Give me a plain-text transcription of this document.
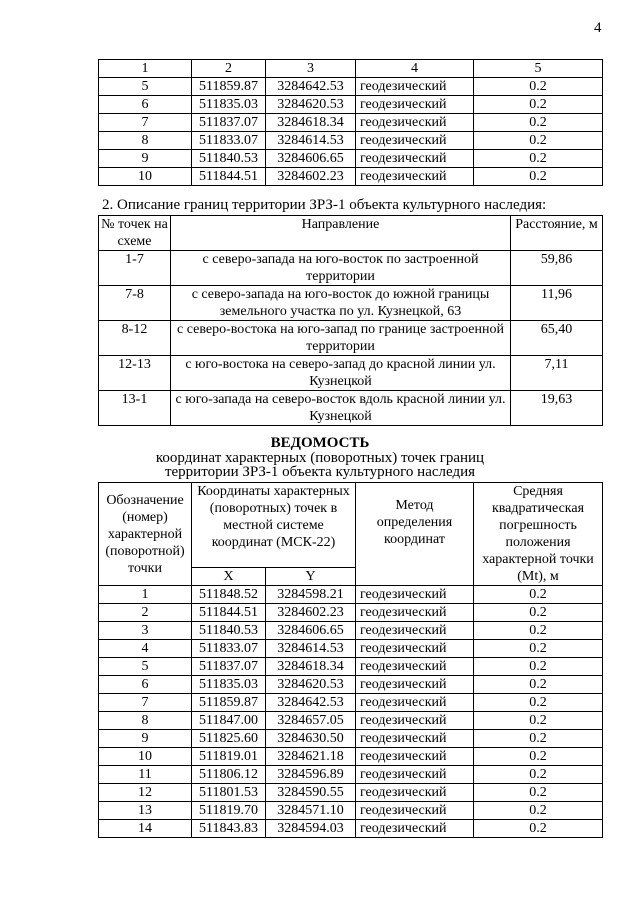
4
1	2	3	4	5
5	511859.87	3284642.53	геодезический	0.2
6	511835.03	3284620.53	геодезический	0.2
7	511837.07	3284618.34	геодезический	0.2
8	511833.07	3284614.53	геодезический	0.2
9	511840.53	3284606.65	геодезический	0.2
10	511844.51	3284602.23	геодезический	0.2
2. Описание границ территории ЗРЗ-1 объекта культурного наследия:
№ точек на схеме	Направление	Расстояние, м
1-7	с северо-запада на юго-восток по застроенной территории	59,86
7-8	с северо-запада на юго-восток до южной границы земельного участка по ул. Кузнецкой, 63	11,96
8-12	с северо-востока на юго-запад по границе застроенной территории	65,40
12-13	с юго-востока на северо-запад до красной линии ул. Кузнецкой	7,11
13-1	с юго-запада на северо-восток вдоль красной линии ул. Кузнецкой	19,63
ВЕДОМОСТЬ
координат характерных (поворотных) точек границ
территории ЗРЗ-1 объекта культурного наследия
Обозначение (номер) характерной (поворотной) точки	Координаты характерных (поворотных) точек в местной системе координат (МСК-22)		Метод определения координат	Средняя квадратическая погрешность положения характерной точки (Mt), м
	X	Y		
1	511848.52	3284598.21	геодезический	0.2
2	511844.51	3284602.23	геодезический	0.2
3	511840.53	3284606.65	геодезический	0.2
4	511833.07	3284614.53	геодезический	0.2
5	511837.07	3284618.34	геодезический	0.2
6	511835.03	3284620.53	геодезический	0.2
7	511859.87	3284642.53	геодезический	0.2
8	511847.00	3284657.05	геодезический	0.2
9	511825.60	3284630.50	геодезический	0.2
10	511819.01	3284621.18	геодезический	0.2
11	511806.12	3284596.89	геодезический	0.2
12	511801.53	3284590.55	геодезический	0.2
13	511819.70	3284571.10	геодезический	0.2
14	511843.83	3284594.03	геодезический	0.2
